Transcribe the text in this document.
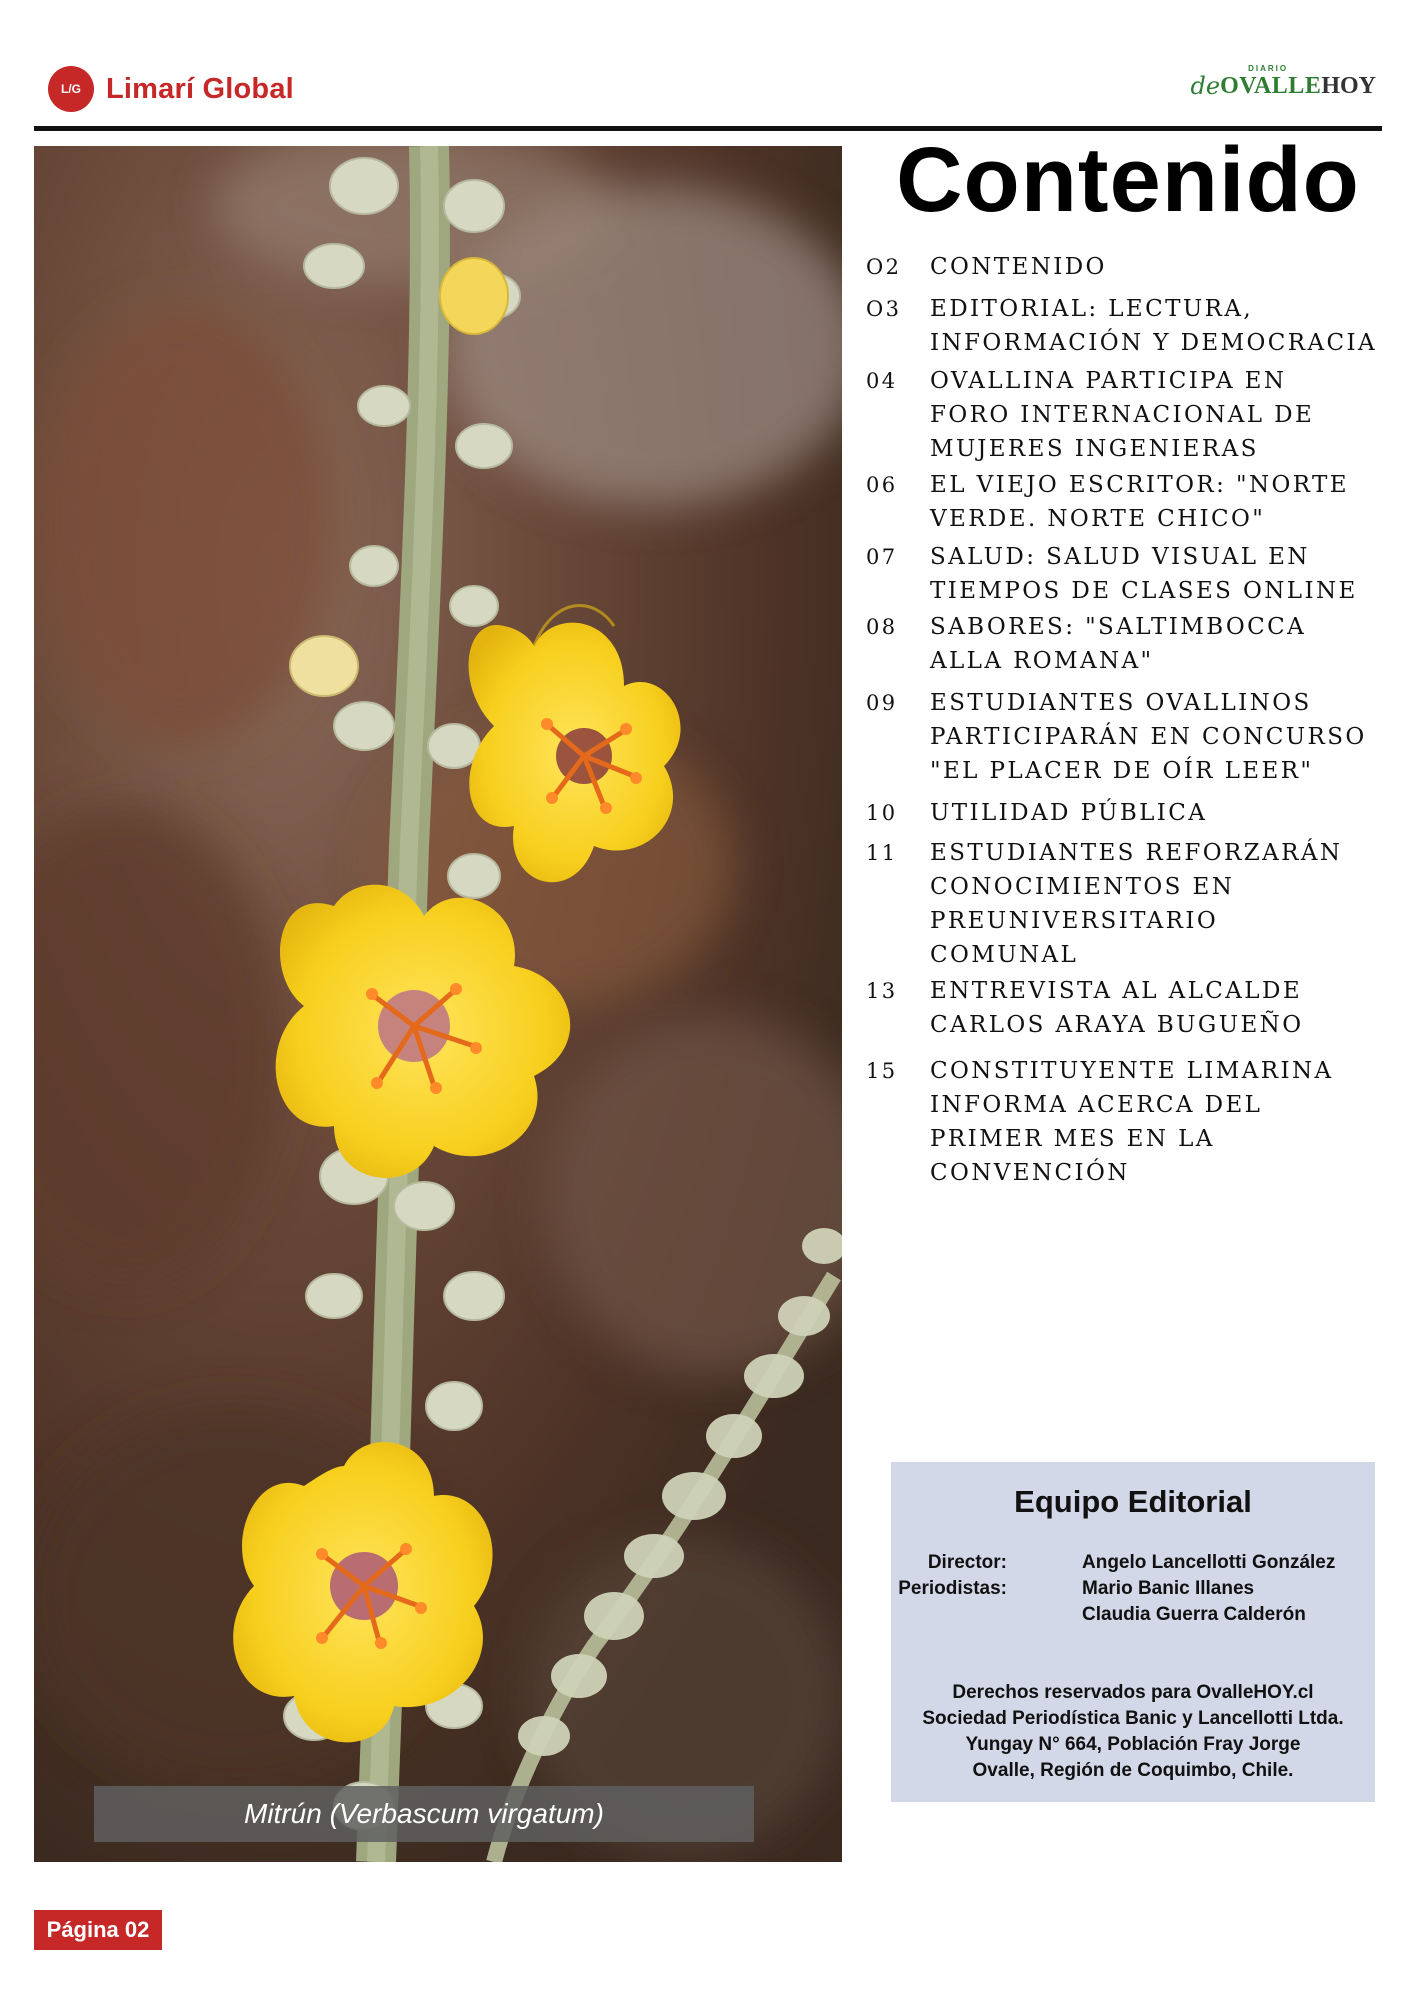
L/G Limarí Global	de
DIARIO
OVALLE HOY
Mitrún (Verbascum virgatum)
Contenido
O2	CONTENIDO
O3	EDITORIAL: LECTURA,
INFORMACIÓN Y DEMOCRACIA
04	OVALLINA PARTICIPA EN
FORO INTERNACIONAL DE
MUJERES INGENIERAS
06	EL VIEJO ESCRITOR: "NORTE
VERDE. NORTE CHICO"
07	SALUD: SALUD VISUAL EN
TIEMPOS DE CLASES ONLINE
08	SABORES: "SALTIMBOCCA
ALLA ROMANA"
09	ESTUDIANTES OVALLINOS
PARTICIPARÁN EN CONCURSO
"EL PLACER DE OÍR LEER"
10	UTILIDAD PÚBLICA
11	ESTUDIANTES REFORZARÁN
CONOCIMIENTOS EN
PREUNIVERSITARIO
COMUNAL
13	ENTREVISTA AL ALCALDE
CARLOS ARAYA BUGUEÑO
15	CONSTITUYENTE LIMARINA
INFORMA ACERCA DEL
PRIMER MES EN LA
CONVENCIÓN
Equipo Editorial
Director:	Angelo Lancellotti González
Periodistas:	Mario Banic Illanes
Claudia Guerra Calderón
Derechos reservados para OvalleHOY.cl
Sociedad Periodística Banic y Lancellotti Ltda.
Yungay N° 664, Población Fray Jorge
Ovalle, Región de Coquimbo, Chile.
Página 02
